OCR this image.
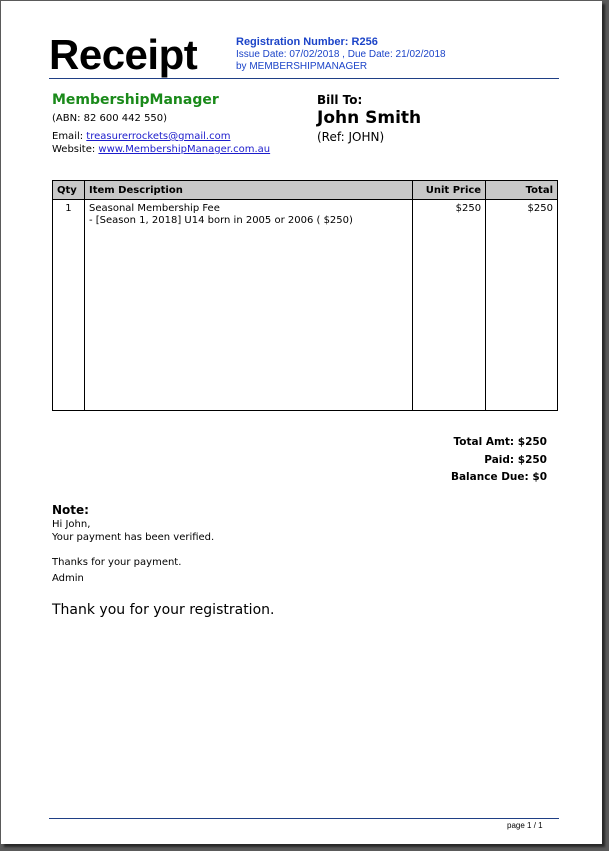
Receipt	Registration Number: R256
Issue Date: 07/02/2018 , Due Date: 21/02/2018
by MEMBERSHIPMANAGER
MembershipManager
(ABN: 82 600 442 550)
Email: treasurerrockets@gmail.com
Website: www.MembershipManager.com.au
Bill To:
John Smith
(Ref: JOHN)
Qty	Item Description	Unit Price	Total
1	Seasonal Membership Fee
- [Season 1, 2018] U14 born in 2005 or 2006 ( $250)	$250	$250
Total Amt: $250
Paid: $250
Balance Due: $0
Note:
Hi John,
Your payment has been verified.
Thanks for your payment.
Admin
Thank you for your registration.
page 1 / 1
